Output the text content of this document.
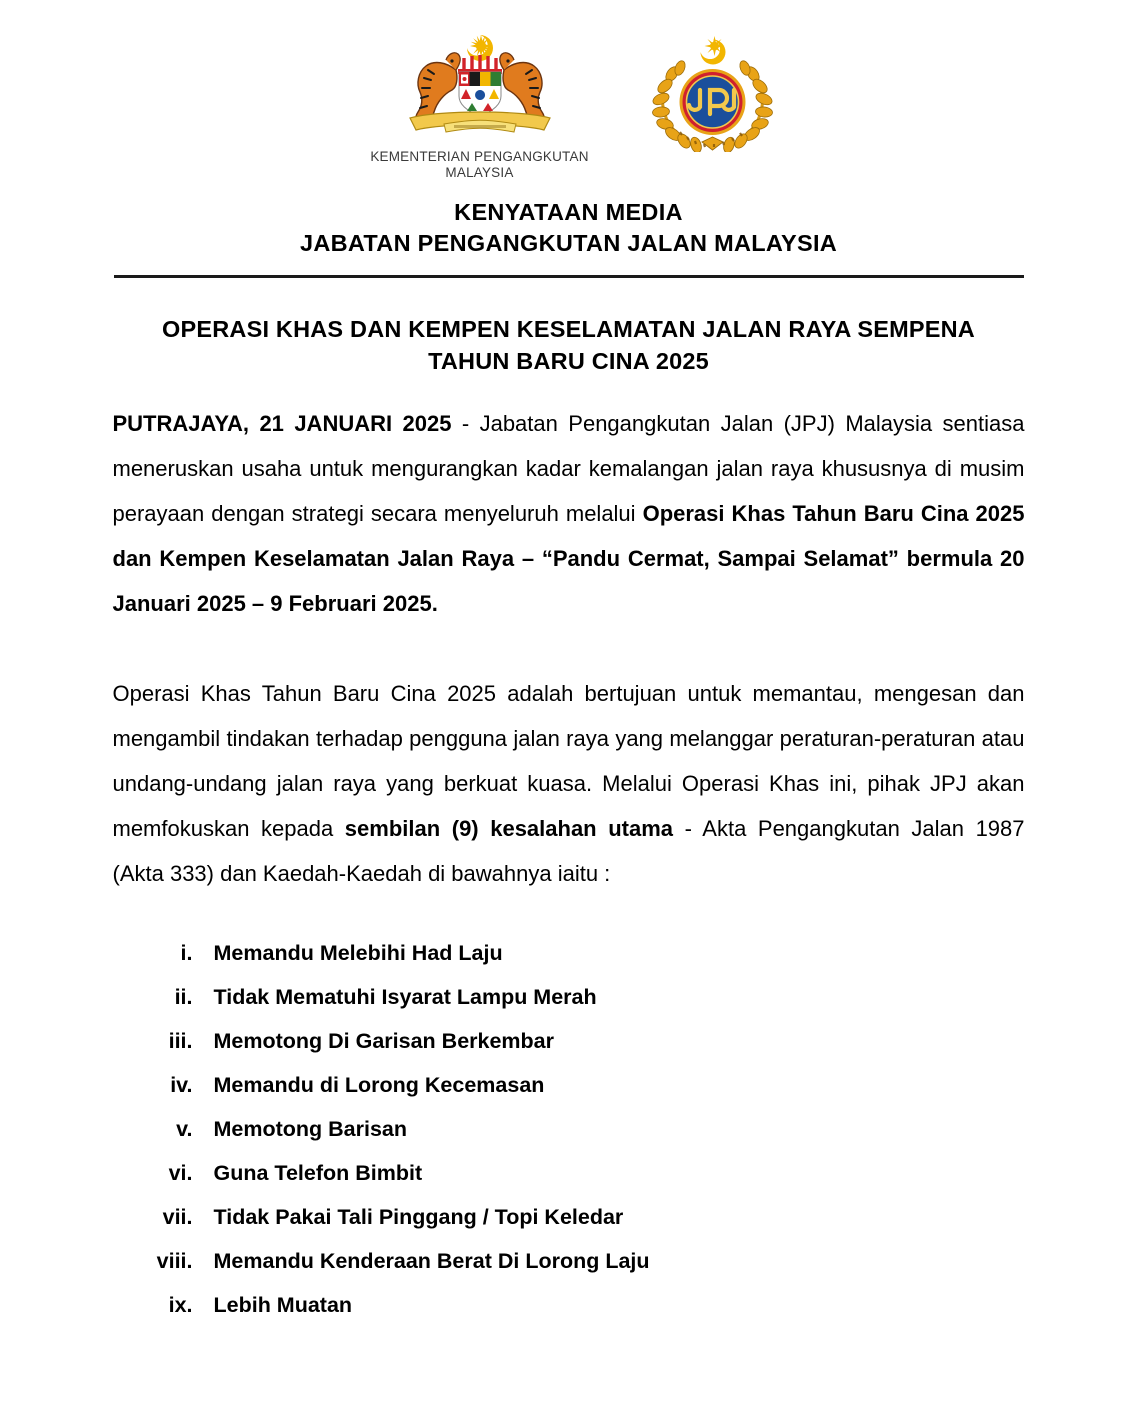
KEMENTERIAN PENGANGKUTAN
MALAYSIA
KENYATAAN MEDIA
JABATAN PENGANGKUTAN JALAN MALAYSIA
OPERASI KHAS DAN KEMPEN KESELAMATAN JALAN RAYA SEMPENA
TAHUN BARU CINA 2025

PUTRAJAYA, 21 JANUARI 2025 - Jabatan Pengangkutan Jalan (JPJ) Malaysia sentiasa meneruskan usaha untuk mengurangkan kadar kemalangan jalan raya khususnya di musim perayaan dengan strategi secara menyeluruh melalui Operasi Khas Tahun Baru Cina 2025 dan Kempen Keselamatan Jalan Raya – “Pandu Cermat, Sampai Selamat” bermula 20 Januari 2025 – 9 Februari 2025.

Operasi Khas Tahun Baru Cina 2025 adalah bertujuan untuk memantau, mengesan dan mengambil tindakan terhadap pengguna jalan raya yang melanggar peraturan-peraturan atau undang-undang jalan raya yang berkuat kuasa. Melalui Operasi Khas ini, pihak JPJ akan memfokuskan kepada sembilan (9) kesalahan utama - Akta Pengangkutan Jalan 1987 (Akta 333) dan Kaedah-Kaedah di bawahnya iaitu :

i. Memandu Melebihi Had Laju
ii. Tidak Mematuhi Isyarat Lampu Merah
iii. Memotong Di Garisan Berkembar
iv. Memandu di Lorong Kecemasan
v. Memotong Barisan
vi. Guna Telefon Bimbit
vii. Tidak Pakai Tali Pinggang / Topi Keledar
viii. Memandu Kenderaan Berat Di Lorong Laju
ix. Lebih Muatan
